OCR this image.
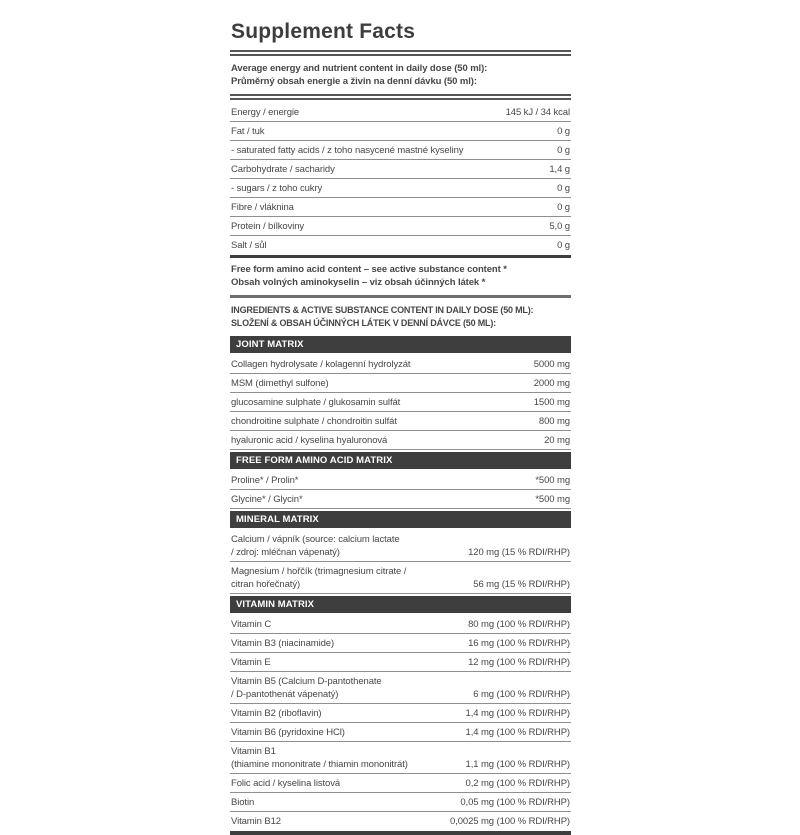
Supplement Facts
Average energy and nutrient content in daily dose (50 ml):
Průměrný obsah energie a živin na denní dávku (50 ml):
Energy / energie	145 kJ / 34 kcal
Fat / tuk	0 g
- saturated fatty acids / z toho nasycené mastné kyseliny	0 g
Carbohydrate / sacharidy	1,4 g
- sugars / z toho cukry	0 g
Fibre / vláknina	0 g
Protein / bílkoviny	5,0 g
Salt / sůl	0 g
Free form amino acid content – see active substance content *
Obsah volných aminokyselin – viz obsah účinných látek *
INGREDIENTS & ACTIVE SUBSTANCE CONTENT IN DAILY DOSE (50 ML):
SLOŽENÍ & OBSAH ÚČINNÝCH LÁTEK V DENNÍ DÁVCE (50 ML):
JOINT MATRIX
Collagen hydrolysate / kolagenní hydrolyzát	5000 mg
MSM (dimethyl sulfone)	2000 mg
glucosamine sulphate / glukosamin sulfát	1500 mg
chondroitine sulphate / chondroitin sulfát	800 mg
hyaluronic acid / kyselina hyaluronová	20 mg
FREE FORM AMINO ACID MATRIX
Proline* / Prolin*	*500 mg
Glycine* / Glycin*	*500 mg
MINERAL MATRIX
Calcium / vápník (source: calcium lactate
/ zdroj: mléčnan vápenatý)	120 mg (15 % RDI/RHP)
Magnesium / hořčík (trimagnesium citrate /
citran hořečnatý)	56 mg (15 % RDI/RHP)
VITAMIN MATRIX
Vitamin C	80 mg (100 % RDI/RHP)
Vitamin B3 (niacinamide)	16 mg (100 % RDI/RHP)
Vitamin E	12 mg (100 % RDI/RHP)
Vitamin B5 (Calcium D-pantothenate
/ D-pantothenát vápenatý)	6 mg (100 % RDI/RHP)
Vitamin B2 (riboflavin)	1,4 mg (100 % RDI/RHP)
Vitamin B6 (pyridoxine HCl)	1,4 mg (100 % RDI/RHP)
Vitamin B1
(thiamine mononitrate / thiamin mononitrát)	1,1 mg (100 % RDI/RHP)
Folic acid / kyselina listová	0,2 mg (100 % RDI/RHP)
Biotin	0,05 mg (100 % RDI/RHP)
Vitamin B12	0,0025 mg (100 % RDI/RHP)
